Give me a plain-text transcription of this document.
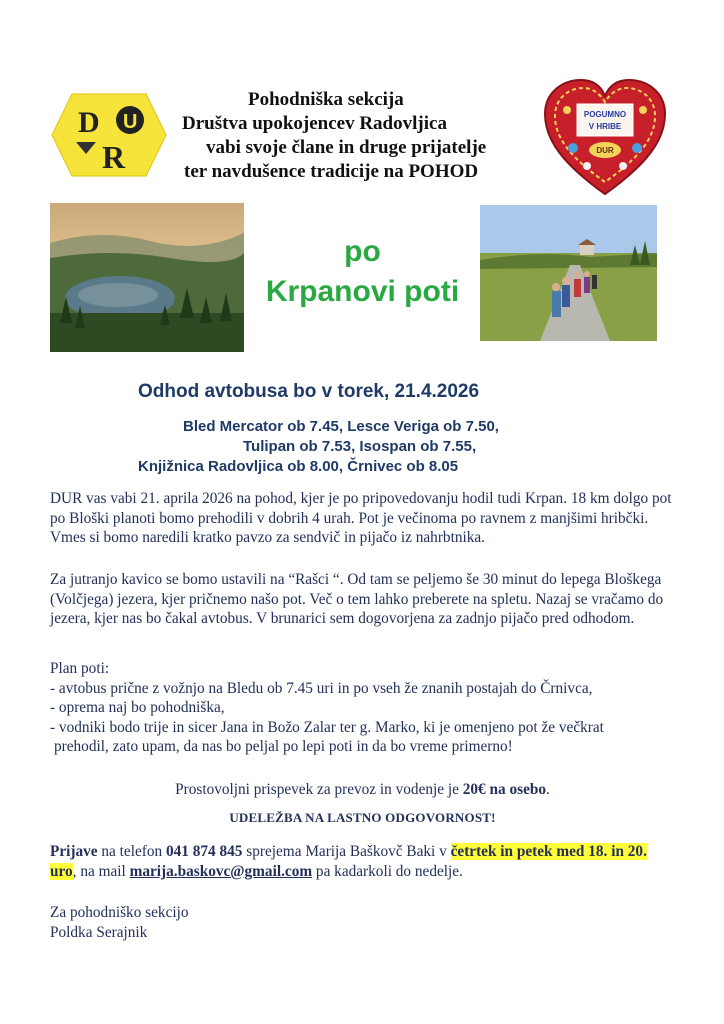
D U
R
POGUMNO
V HRIBE
DUR
Pohodniška sekcija
Društva upokojencev Radovljica
vabi svoje člane in druge prijatelje
ter navdušence tradicije na POHOD
po
Krpanovi poti
Odhod avtobusa bo v torek, 21.4.2026
Bled Mercator ob 7.45, Lesce Veriga ob 7.50,
Tulipan ob 7.53, Isospan ob 7.55,
Knjižnica Radovljica ob 8.00, Črnivec ob 8.05
DUR vas vabi 21. aprila 2026 na pohod, kjer je po pripovedovanju hodil tudi Krpan. 18 km dolgo pot po Bloški planoti bomo prehodili v dobrih 4 urah. Pot je večinoma po ravnem z manjšimi hribčki. Vmes si bomo naredili kratko pavzo za sendvič in pijačo iz nahrbtnika.
Za jutranjo kavico se bomo ustavili na “Rašci “. Od tam se peljemo še 30 minut do lepega Bloškega (Volčjega) jezera, kjer pričnemo našo pot. Več o tem lahko preberete na spletu. Nazaj se vračamo do jezera, kjer nas bo čakal avtobus. V brunarici sem dogovorjena za zadnjo pijačo pred odhodom.
Plan poti:
- avtobus prične z vožnjo na Bledu ob 7.45 uri in po vseh že znanih postajah do Črnivca,
- oprema naj bo pohodniška,
- vodniki bodo trije in sicer Jana in Božo Zalar ter g. Marko, ki je omenjeno pot že večkrat
prehodil, zato upam, da nas bo peljal po lepi poti in da bo vreme primerno!
Prostovoljni prispevek za prevoz in vodenje je 20€ na osebo.
UDELEŽBA NA LASTNO ODGOVORNOST!
Prijave na telefon 041 874 845 sprejema Marija Baškovč Baki v četrtek in petek med 18. in 20. uro, na mail marija.baskovc@gmail.com pa kadarkoli do nedelje.
Za pohodniško sekcijo
Poldka Serajnik
